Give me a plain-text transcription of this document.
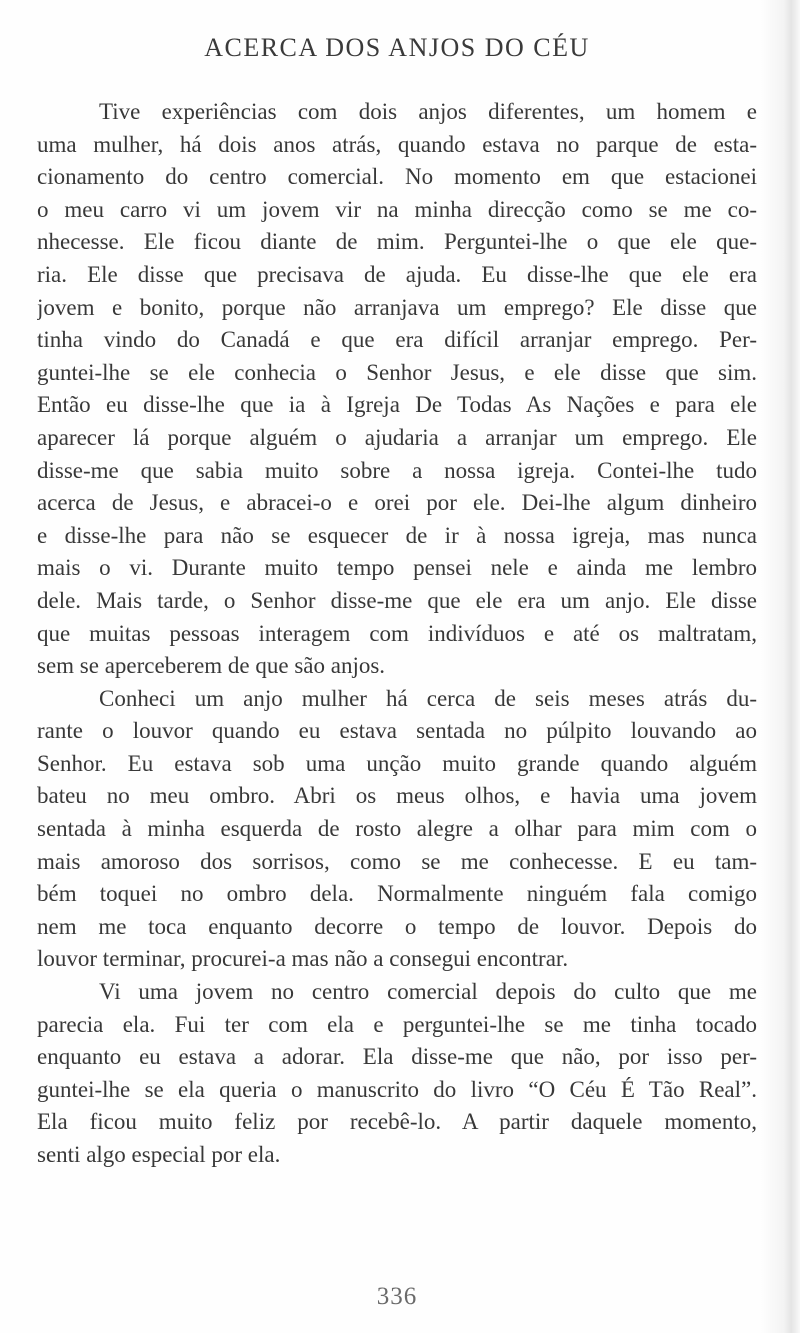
ACERCA DOS ANJOS DO CÉU
Tive experiências com dois anjos diferentes, um homem e
uma mulher, há dois anos atrás, quando estava no parque de esta-
cionamento do centro comercial. No momento em que estacionei
o meu carro vi um jovem vir na minha direcção como se me co-
nhecesse. Ele ficou diante de mim. Perguntei-lhe o que ele que-
ria. Ele disse que precisava de ajuda. Eu disse-lhe que ele era
jovem e bonito, porque não arranjava um emprego? Ele disse que
tinha vindo do Canadá e que era difícil arranjar emprego. Per-
guntei-lhe se ele conhecia o Senhor Jesus, e ele disse que sim.
Então eu disse-lhe que ia à Igreja De Todas As Nações e para ele
aparecer lá porque alguém o ajudaria a arranjar um emprego. Ele
disse-me que sabia muito sobre a nossa igreja. Contei-lhe tudo
acerca de Jesus, e abracei-o e orei por ele. Dei-lhe algum dinheiro
e disse-lhe para não se esquecer de ir à nossa igreja, mas nunca
mais o vi. Durante muito tempo pensei nele e ainda me lembro
dele. Mais tarde, o Senhor disse-me que ele era um anjo. Ele disse
que muitas pessoas interagem com indivíduos e até os maltratam,
sem se aperceberem de que são anjos.
Conheci um anjo mulher há cerca de seis meses atrás du-
rante o louvor quando eu estava sentada no púlpito louvando ao
Senhor. Eu estava sob uma unção muito grande quando alguém
bateu no meu ombro. Abri os meus olhos, e havia uma jovem
sentada à minha esquerda de rosto alegre a olhar para mim com o
mais amoroso dos sorrisos, como se me conhecesse. E eu tam-
bém toquei no ombro dela. Normalmente ninguém fala comigo
nem me toca enquanto decorre o tempo de louvor. Depois do
louvor terminar, procurei-a mas não a consegui encontrar.
Vi uma jovem no centro comercial depois do culto que me
parecia ela. Fui ter com ela e perguntei-lhe se me tinha tocado
enquanto eu estava a adorar. Ela disse-me que não, por isso per-
guntei-lhe se ela queria o manuscrito do livro “O Céu É Tão Real”.
Ela ficou muito feliz por recebê-lo. A partir daquele momento,
senti algo especial por ela.
336
